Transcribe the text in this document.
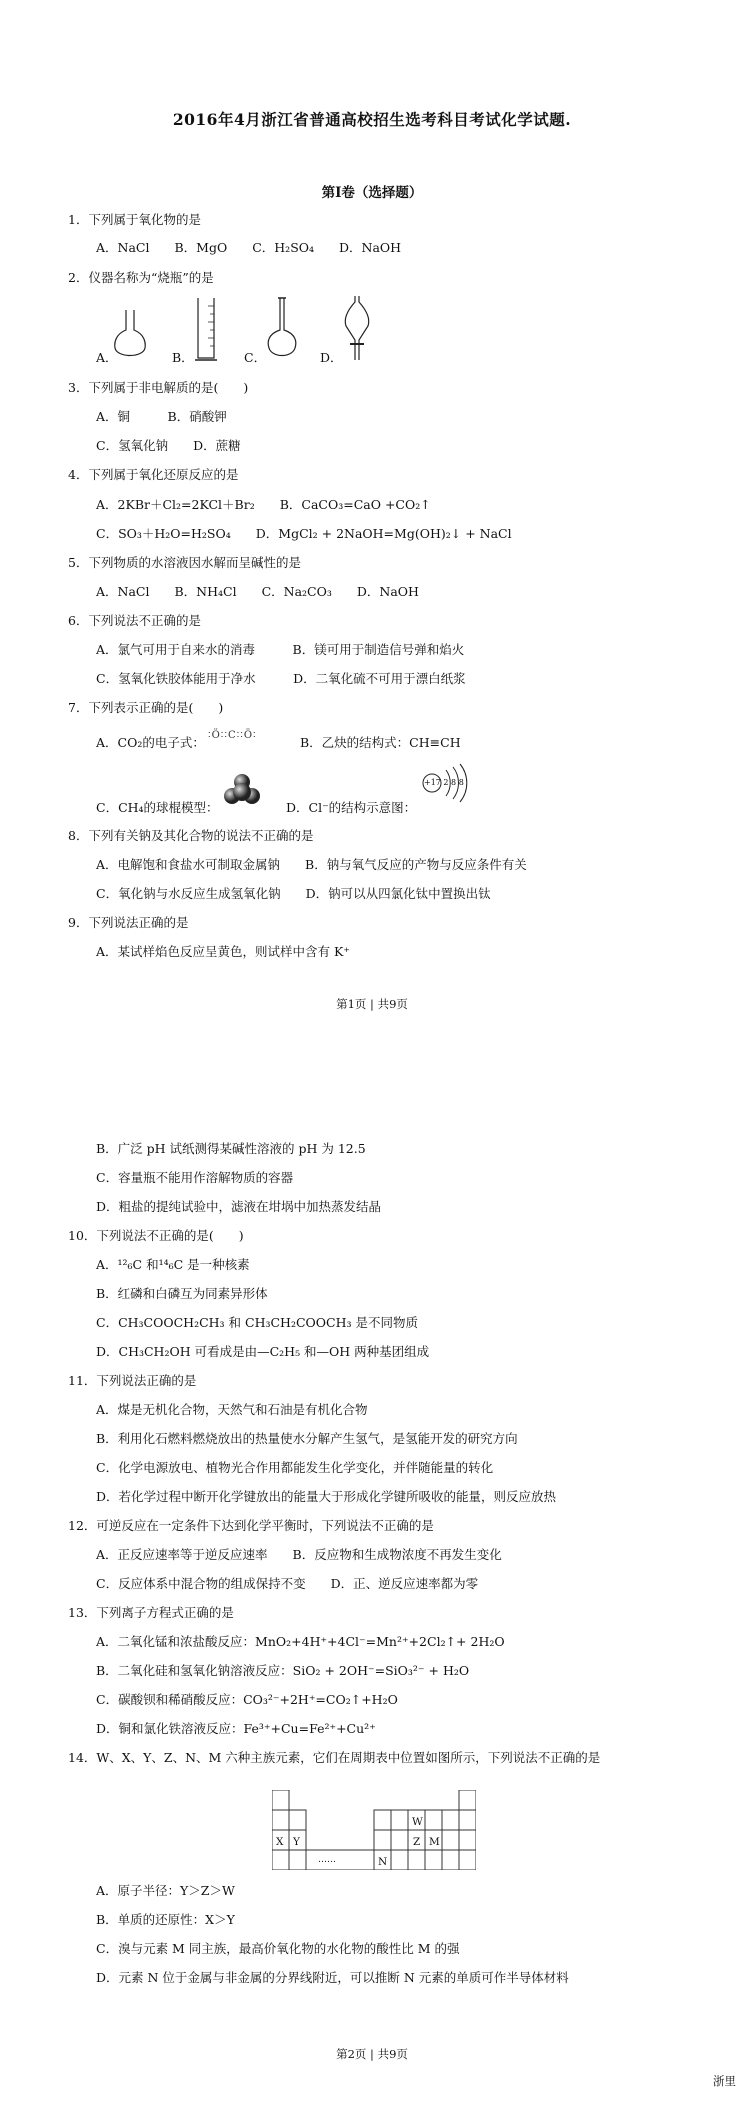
2016年4月浙江省普通高校招生选考科目考试化学试题.
第Ⅰ卷（选择题）
1．下列属于氧化物的是
A．NaCl　　B．MgO　　C．H₂SO₄　　D．NaOH
2．仪器名称为“烧瓶”的是
A．	B．	C．	D．
3．下列属于非电解质的是(　　)
A．铜　　　B．硝酸钾
C．氢氧化钠　　D．蔗糖
4．下列属于氧化还原反应的是
A．2KBr＋Cl₂=2KCl＋Br₂　　B．CaCO₃=CaO +CO₂↑
C．SO₃＋H₂O=H₂SO₄　　D．MgCl₂ + 2NaOH=Mg(OH)₂↓ + NaCl
5．下列物质的水溶液因水解而呈碱性的是
A．NaCl　　B．NH₄Cl　　C．Na₂CO₃　　D．NaOH
6．下列说法不正确的是
A．氯气可用于自来水的消毒　　　B．镁可用于制造信号弹和焰火
C．氢氧化铁胶体能用于净水　　　D．二氧化硫不可用于漂白纸浆
7．下列表示正确的是(　　)
A．CO₂的电子式： ∶Ö∶∶C∶∶Ö∶	B．乙炔的结构式：CH≡CH
C．CH₄的球棍模型：	D．Cl⁻的结构示意图：
+17 2 8 8
8．下列有关钠及其化合物的说法不正确的是
A．电解饱和食盐水可制取金属钠　　B．钠与氧气反应的产物与反应条件有关
C．氧化钠与水反应生成氢氧化钠　　D．钠可以从四氯化钛中置换出钛
9．下列说法正确的是
A．某试样焰色反应呈黄色，则试样中含有 K⁺
第1页 | 共9页
B．广泛 pH 试纸测得某碱性溶液的 pH 为 12.5
C．容量瓶不能用作溶解物质的容器
D．粗盐的提纯试验中，滤液在坩埚中加热蒸发结晶
10．下列说法不正确的是(　　)
A．¹²₆C 和¹⁴₆C 是一种核素
B．红磷和白磷互为同素异形体
C．CH₃COOCH₂CH₃ 和 CH₃CH₂COOCH₃ 是不同物质
D．CH₃CH₂OH 可看成是由—C₂H₅ 和—OH 两种基团组成
11．下列说法正确的是
A．煤是无机化合物，天然气和石油是有机化合物
B．利用化石燃料燃烧放出的热量使水分解产生氢气，是氢能开发的研究方向
C．化学电源放电、植物光合作用都能发生化学变化，并伴随能量的转化
D．若化学过程中断开化学键放出的能量大于形成化学键所吸收的能量，则反应放热
12．可逆反应在一定条件下达到化学平衡时，下列说法不正确的是
A．正反应速率等于逆反应速率　　B．反应物和生成物浓度不再发生变化
C．反应体系中混合物的组成保持不变　　D．正、逆反应速率都为零
13．下列离子方程式正确的是
A．二氧化锰和浓盐酸反应：MnO₂+4H⁺+4Cl⁻=Mn²⁺+2Cl₂↑+ 2H₂O
B．二氧化硅和氢氧化钠溶液反应：SiO₂ + 2OH⁻=SiO₃²⁻ + H₂O
C．碳酸钡和稀硝酸反应：CO₃²⁻+2H⁺=CO₂↑+H₂O
D．铜和氯化铁溶液反应：Fe³⁺+Cu=Fe²⁺+Cu²⁺
14．W、X、Y、Z、N、M 六种主族元素，它们在周期表中位置如图所示，下列说法不正确的是
X Y
……	N
W
Z M
A．原子半径：Y＞Z＞W
B．单质的还原性：X＞Y
C．溴与元素 M 同主族，最高价氧化物的水化物的酸性比 M 的强
D．元素 N 位于金属与非金属的分界线附近，可以推断 N 元素的单质可作半导体材料
第2页 | 共9页
浙里
